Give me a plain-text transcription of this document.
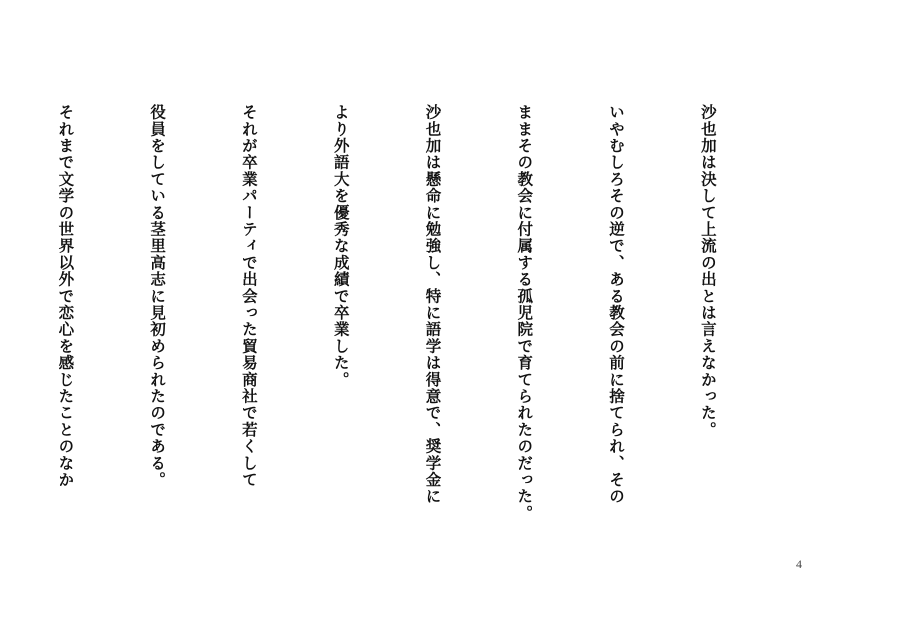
沙也加は決して上流の出とは言えなかった。

いやむしろその逆で、ある教会の前に捨てられ、その

ままその教会に付属する孤児院で育てられたのだった。

沙也加は懸命に勉強し、特に語学は得意で、奨学金に

より外語大を優秀な成績で卒業した。

それが卒業パーティで出会った貿易商社で若くして

役員をしている茎里高志に見初められたのである。

それまで文学の世界以外で恋心を感じたことのなか

4
